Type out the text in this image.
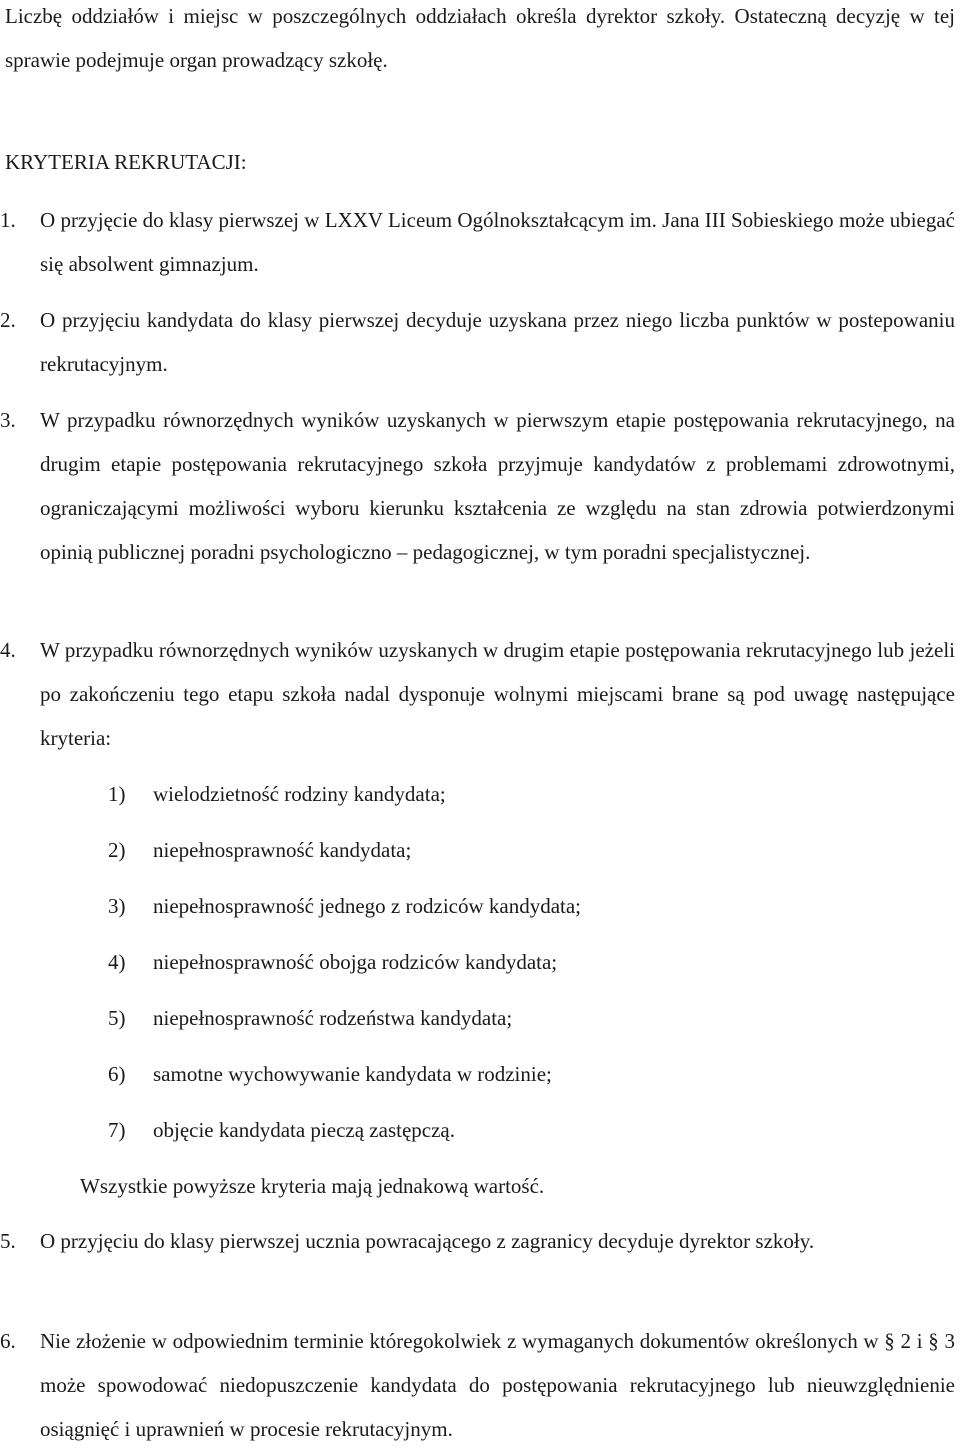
Liczbę oddziałów i miejsc w poszczególnych oddziałach określa dyrektor szkoły. Ostateczną decyzję w tej sprawie podejmuje organ prowadzący szkołę.
KRYTERIA REKRUTACJI:
1.	O przyjęcie do klasy pierwszej w LXXV Liceum Ogólnokształcącym im. Jana III Sobieskiego może ubiegać się absolwent gimnazjum.
2.	O przyjęciu kandydata do klasy pierwszej decyduje uzyskana przez niego liczba punktów w postepowaniu rekrutacyjnym.
3.	W przypadku równorzędnych wyników uzyskanych w pierwszym etapie postępowania rekrutacyjnego, na drugim etapie postępowania rekrutacyjnego szkoła przyjmuje kandydatów z problemami zdrowotnymi, ograniczającymi możliwości wyboru kierunku kształcenia ze względu na stan zdrowia potwierdzonymi opinią publicznej poradni psychologiczno – pedagogicznej, w tym poradni specjalistycznej.
4.	W przypadku równorzędnych wyników uzyskanych w drugim etapie postępowania rekrutacyjnego lub jeżeli po zakończeniu tego etapu szkoła nadal dysponuje wolnymi miejscami brane są pod uwagę następujące kryteria:
1) wielodzietność rodziny kandydata;
2) niepełnosprawność kandydata;
3) niepełnosprawność jednego z rodziców kandydata;
4) niepełnosprawność obojga rodziców kandydata;
5) niepełnosprawność rodzeństwa kandydata;
6) samotne wychowywanie kandydata w rodzinie;
7) objęcie kandydata pieczą zastępczą.
Wszystkie powyższe kryteria mają jednakową wartość.
5.	O przyjęciu do klasy pierwszej ucznia powracającego z zagranicy decyduje dyrektor szkoły.
6.	Nie złożenie w odpowiednim terminie któregokolwiek z wymaganych dokumentów określonych w § 2 i § 3 może spowodować niedopuszczenie kandydata do postępowania rekrutacyjnego lub nieuwzględnienie osiągnięć i uprawnień w procesie rekrutacyjnym.
